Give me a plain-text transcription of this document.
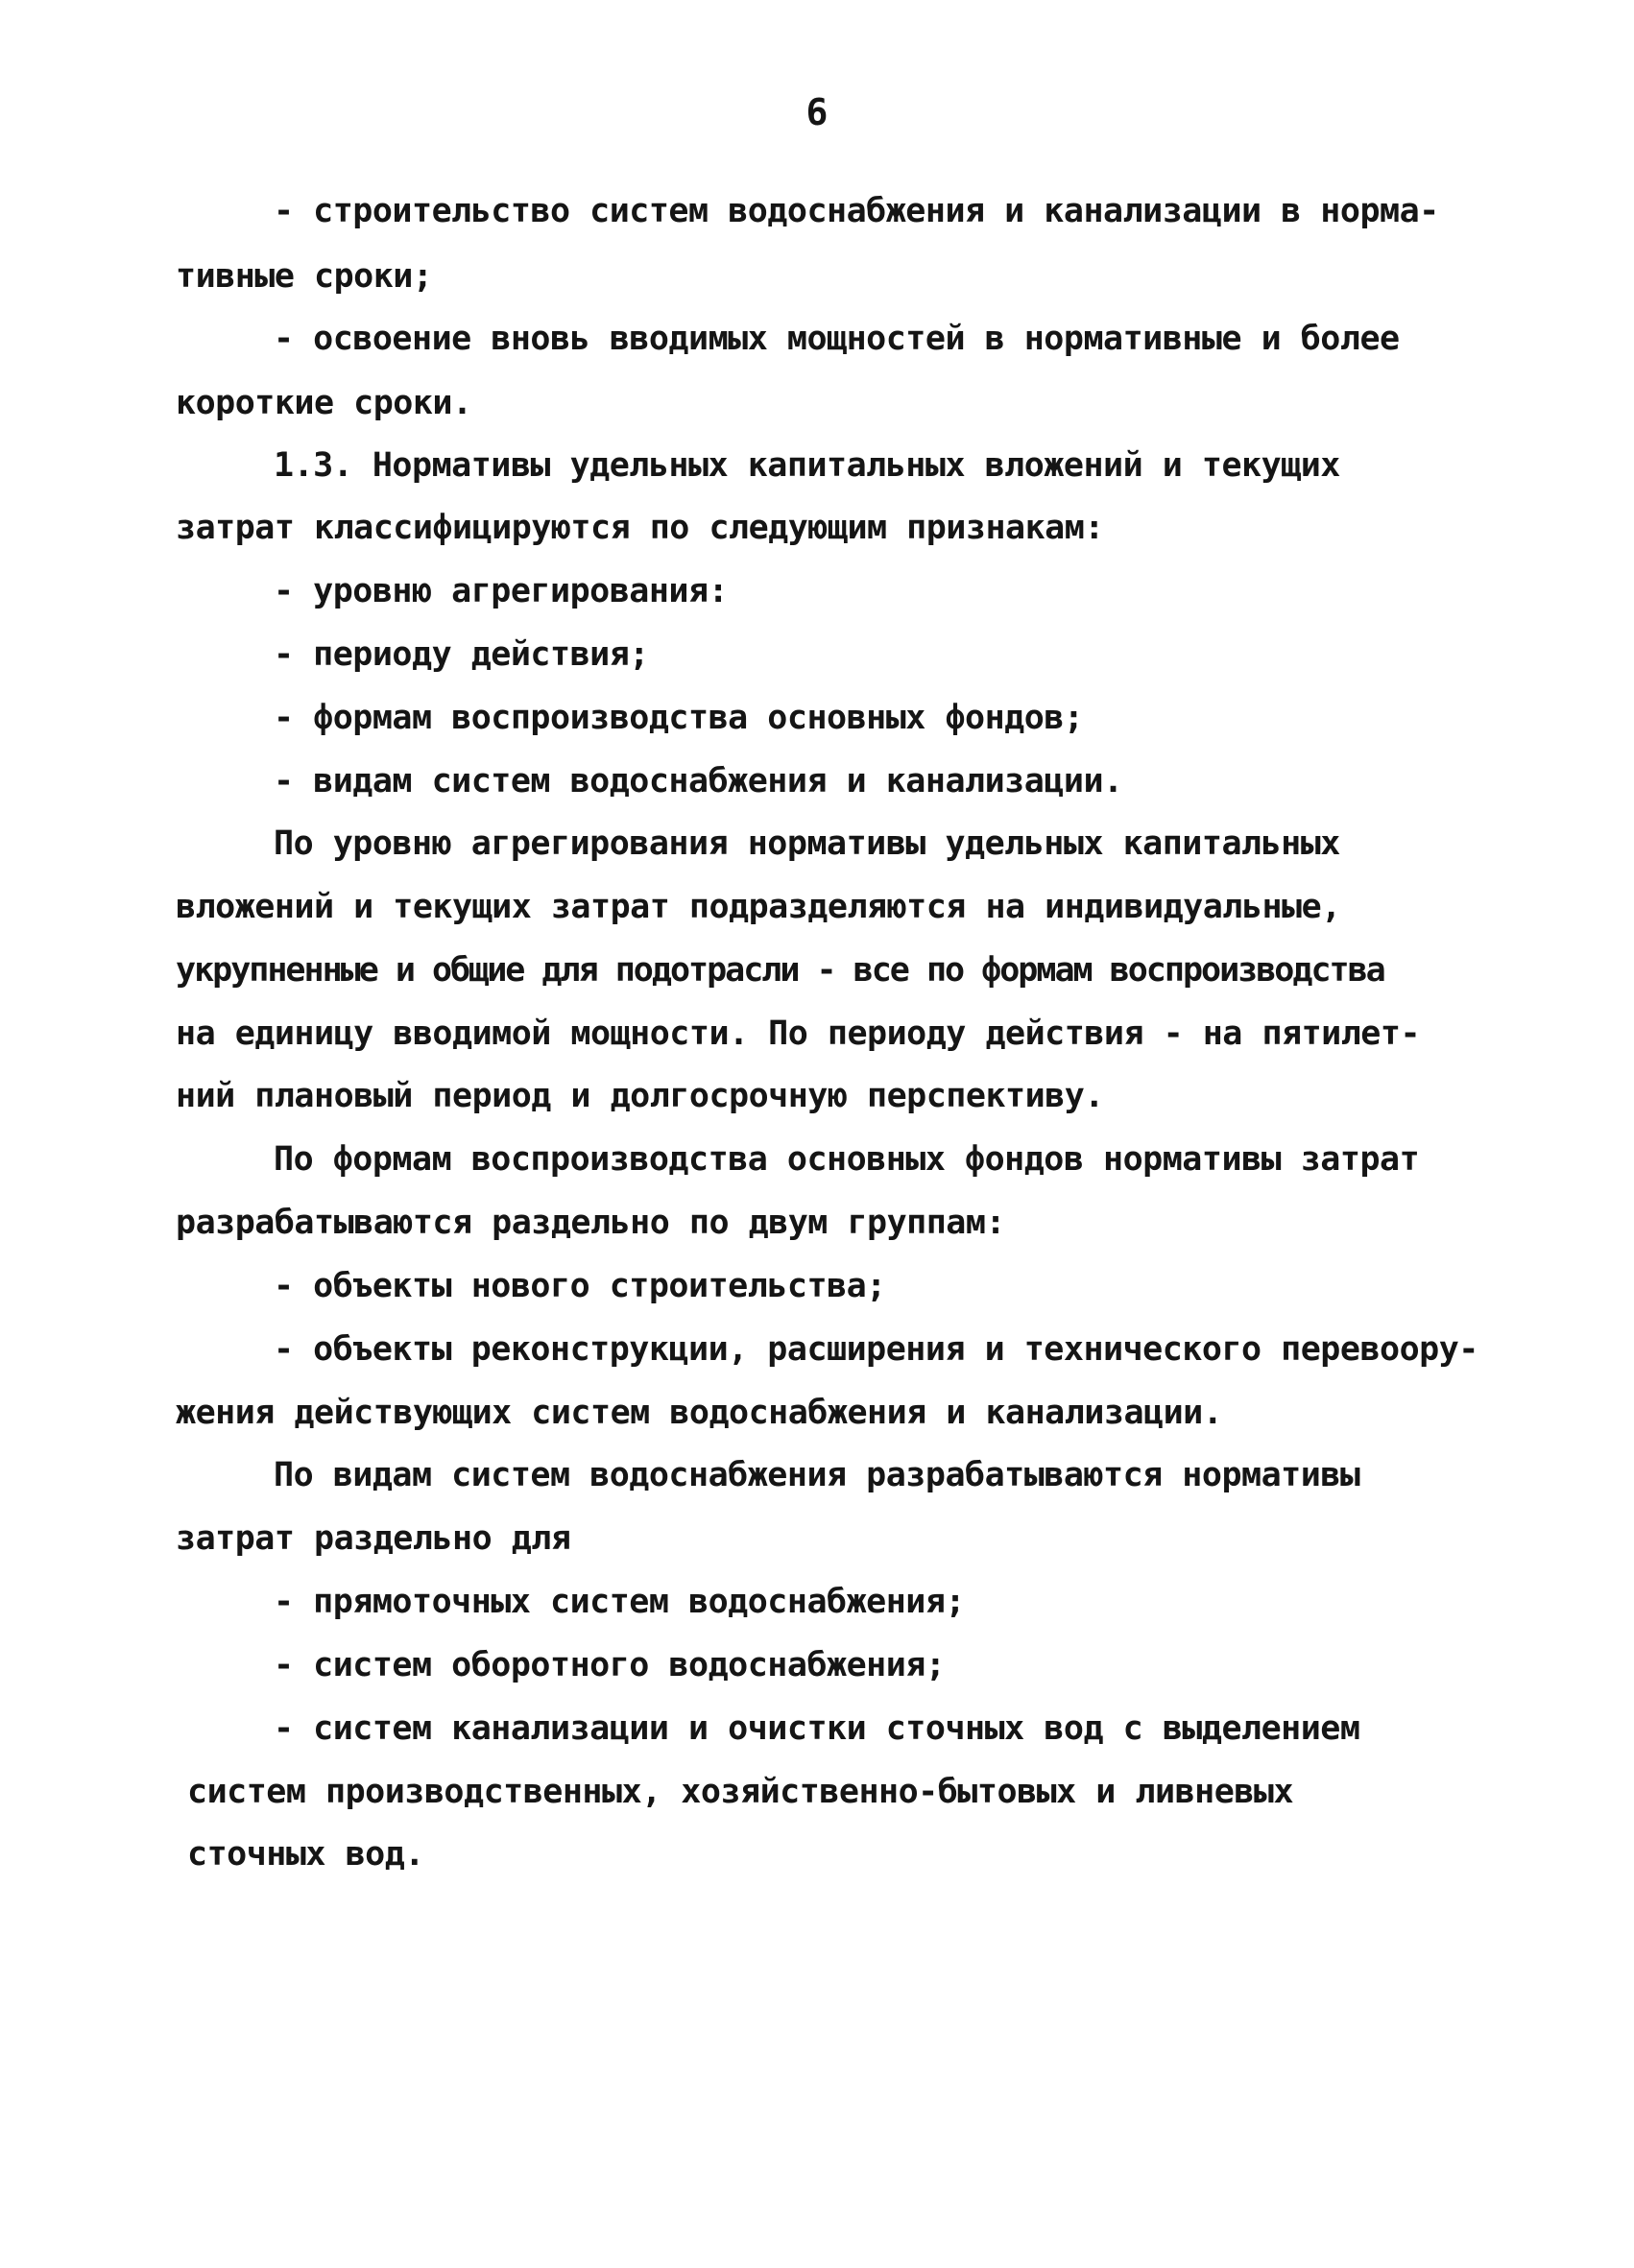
6
- строительство систем водоснабжения и канализации в норма-
тивные сроки;
- освоение вновь вводимых мощностей в нормативные и более
короткие сроки.
1.3. Нормативы удельных капитальных вложений и текущих
затрат классифицируются по следующим признакам:
- уровню агрегирования:
- периоду действия;
- формам воспроизводства основных фондов;
- видам систем водоснабжения и канализации.
По уровню агрегирования нормативы удельных капитальных
вложений и текущих затрат подразделяются на индивидуальные,
укрупненные и общие для подотрасли - все по формам воспроизводства
на единицу вводимой мощности. По периоду действия - на пятилет-
ний плановый период и долгосрочную перспективу.
По формам воспроизводства основных фондов нормативы затрат
разрабатываются раздельно по двум группам:
- объекты нового строительства;
- объекты реконструкции, расширения и технического перевоору-
жения действующих систем водоснабжения и канализации.
По видам систем водоснабжения разрабатываются нормативы
затрат раздельно для
- прямоточных систем водоснабжения;
- систем оборотного водоснабжения;
- систем канализации и очистки сточных вод с выделением
систем производственных, хозяйственно-бытовых и ливневых
сточных вод.
